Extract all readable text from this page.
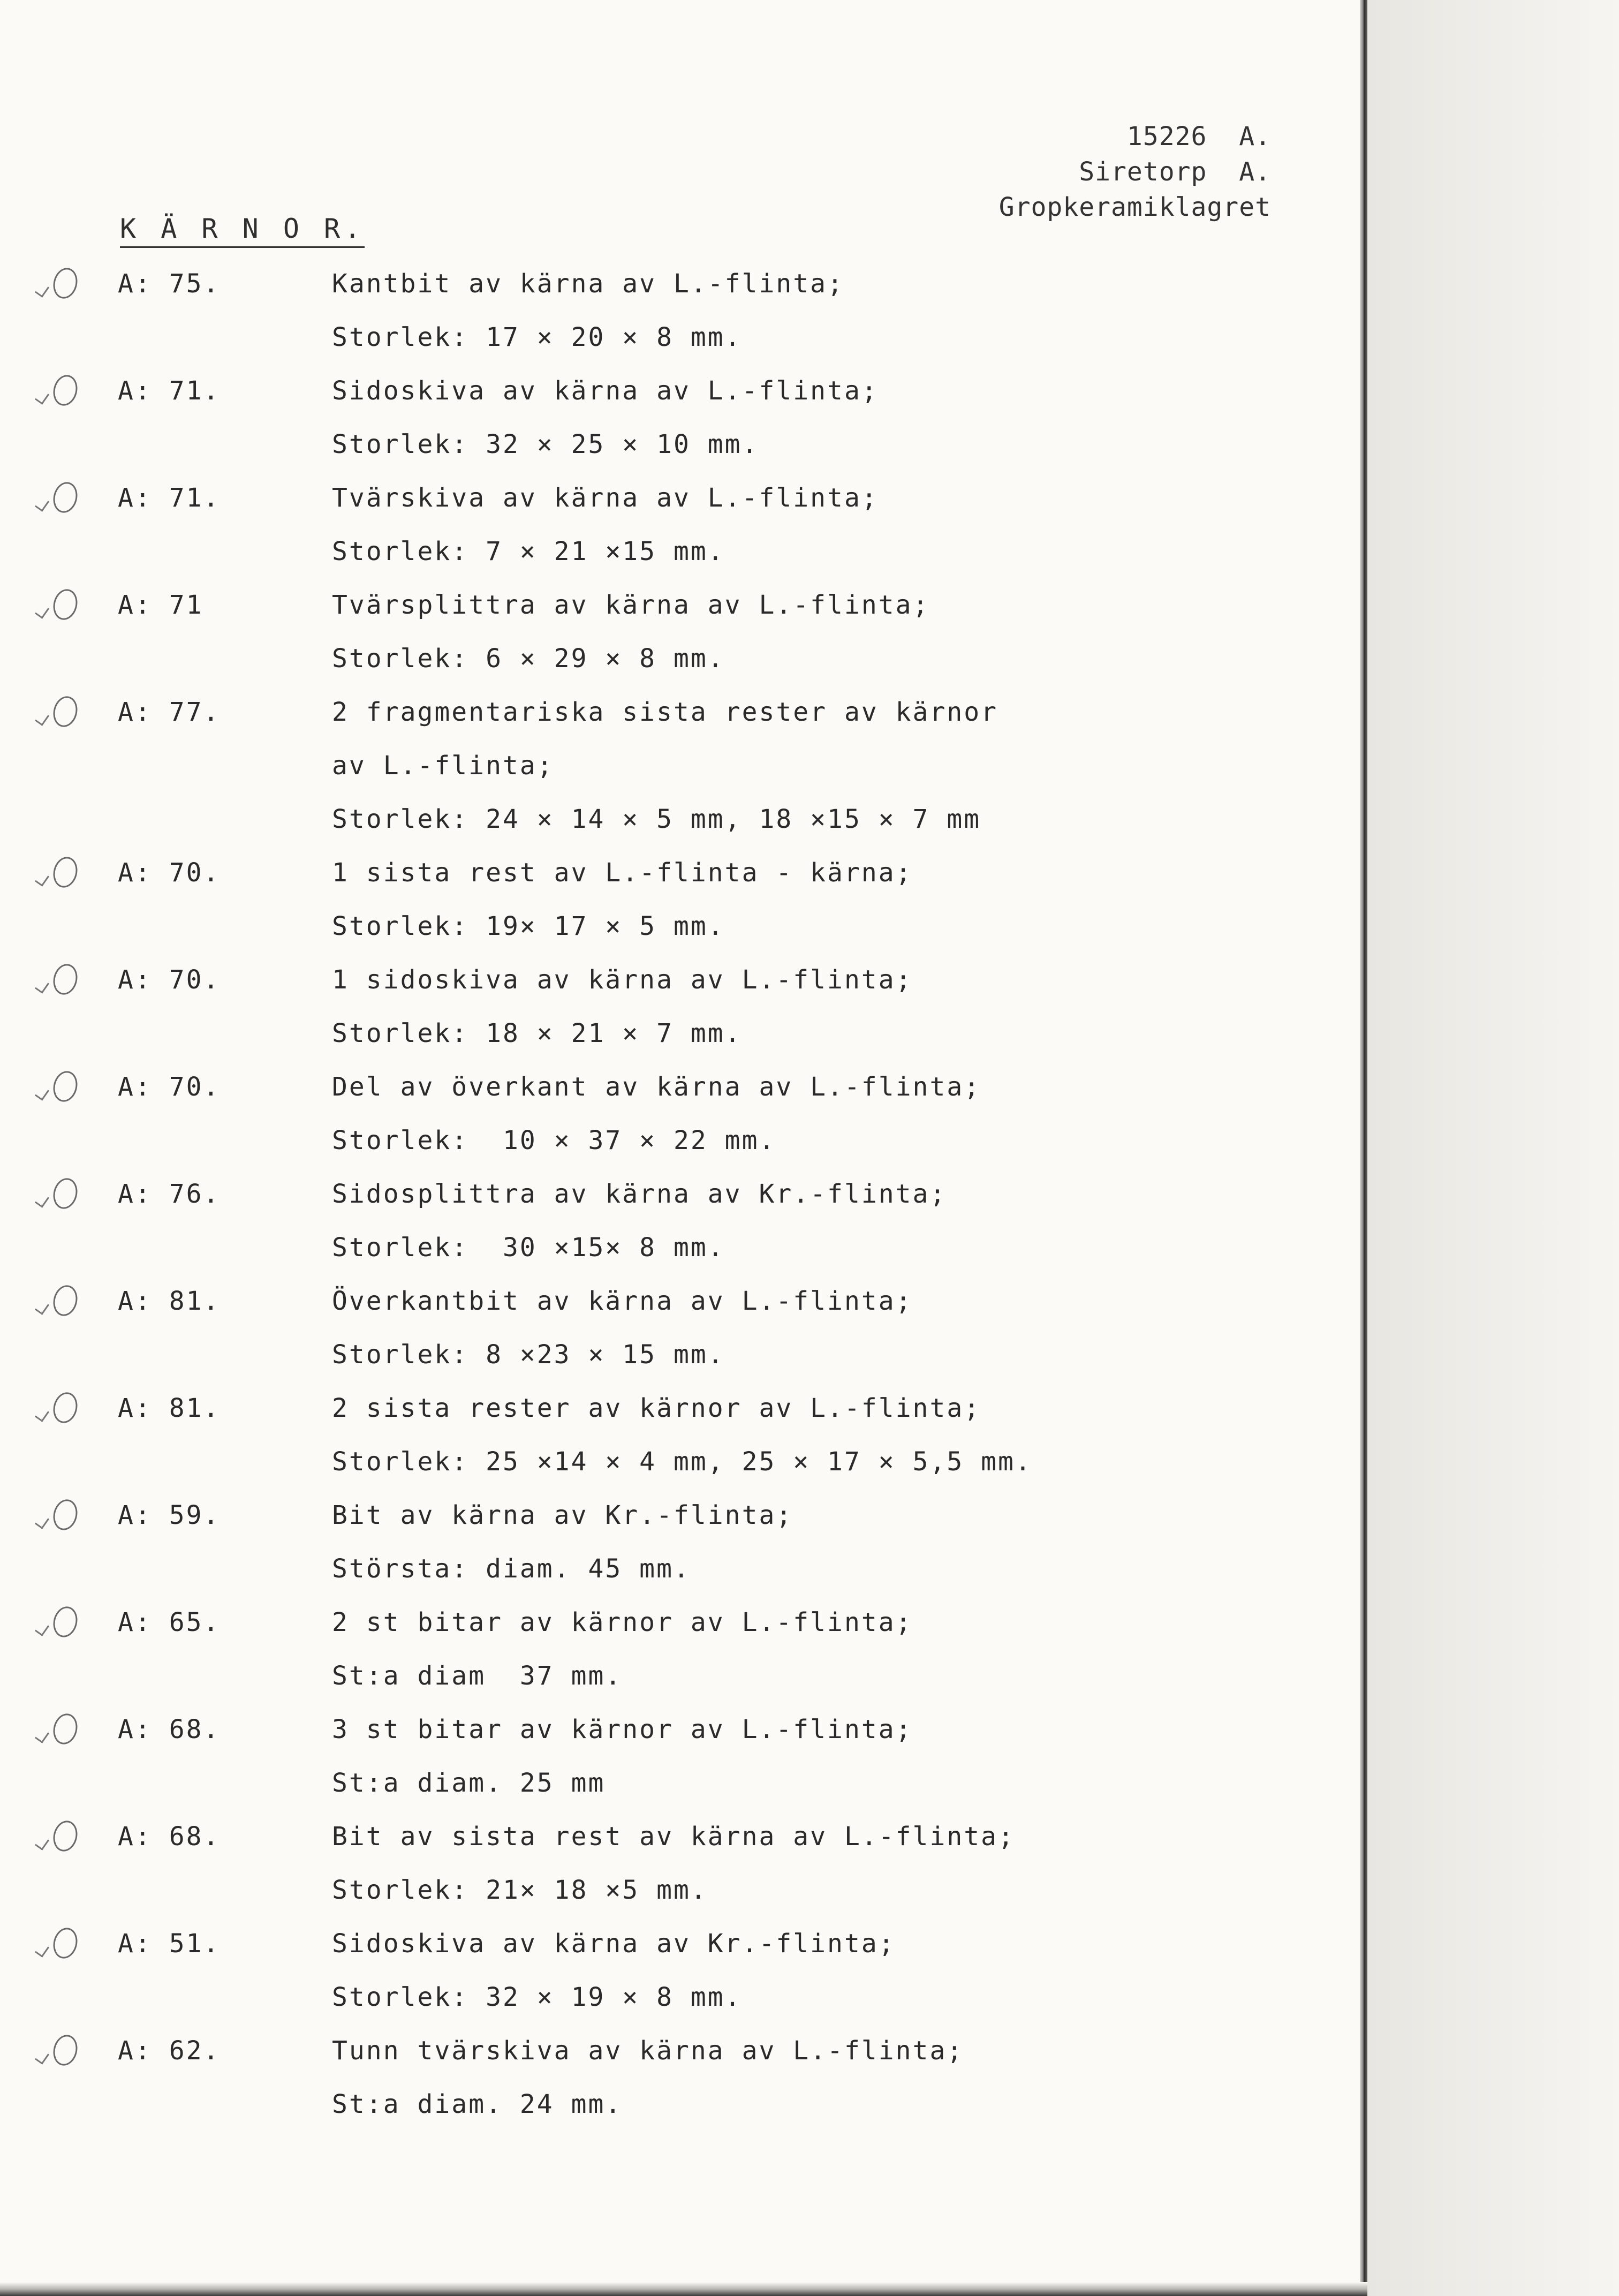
15226  A.
Siretorp  A.
Gropkeramiklagret
K Ä R N O R.
A: 75.	Kantbit av kärna av L.-flinta;
Storlek: 17 × 20 × 8 mm.
A: 71.	Sidoskiva av kärna av L.-flinta;
Storlek: 32 × 25 × 10 mm.
A: 71.	Tvärskiva av kärna av L.-flinta;
Storlek: 7 × 21 ×15 mm.
A: 71	Tvärsplittra av kärna av L.-flinta;
Storlek: 6 × 29 × 8 mm.
A: 77.	2 fragmentariska sista rester av kärnor
av L.-flinta;
Storlek: 24 × 14 × 5 mm, 18 ×15 × 7 mm
A: 70.	1 sista rest av L.-flinta - kärna;
Storlek: 19× 17 × 5 mm.
A: 70.	1 sidoskiva av kärna av L.-flinta;
Storlek: 18 × 21 × 7 mm.
A: 70.	Del av överkant av kärna av L.-flinta;
Storlek:  10 × 37 × 22 mm.
A: 76.	Sidosplittra av kärna av Kr.-flinta;
Storlek:  30 ×15× 8 mm.
A: 81.	Överkantbit av kärna av L.-flinta;
Storlek: 8 ×23 × 15 mm.
A: 81.	2 sista rester av kärnor av L.-flinta;
Storlek: 25 ×14 × 4 mm, 25 × 17 × 5,5 mm.
A: 59.	Bit av kärna av Kr.-flinta;
Största: diam. 45 mm.
A: 65.	2 st bitar av kärnor av L.-flinta;
St:a diam  37 mm.
A: 68.	3 st bitar av kärnor av L.-flinta;
St:a diam. 25 mm
A: 68.	Bit av sista rest av kärna av L.-flinta;
Storlek: 21× 18 ×5 mm.
A: 51.	Sidoskiva av kärna av Kr.-flinta;
Storlek: 32 × 19 × 8 mm.
A: 62.	Tunn tvärskiva av kärna av L.-flinta;
St:a diam. 24 mm.
